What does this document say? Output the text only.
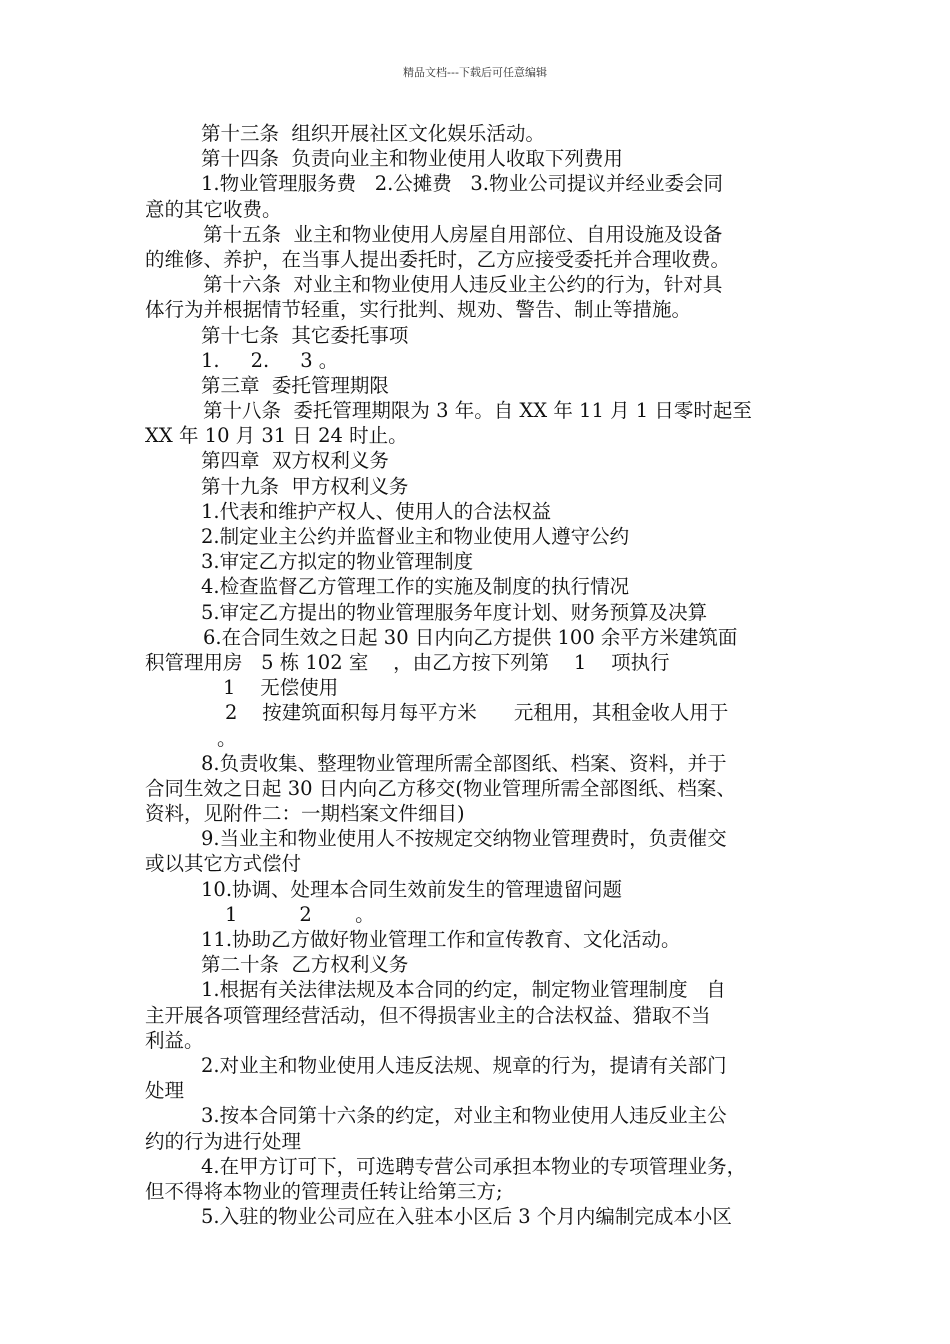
精品文档---下载后可任意编辑
第十三条  组织开展社区文化娱乐活动。
第十四条  负责向业主和物业使用人收取下列费用
1.物业管理服务费   2.公摊费   3.物业公司提议并经业委会同
意的其它收费。
第十五条  业主和物业使用人房屋自用部位、自用设施及设备
的维修、养护，在当事人提出委托时，乙方应接受委托并合理收费。
第十六条  对业主和物业使用人违反业主公约的行为，针对具
体行为并根据情节轻重，实行批判、规劝、警告、制止等措施。
第十七条  其它委托事项
1.     2.     3 。
第三章  委托管理期限
第十八条  委托管理期限为 3 年。自 XX 年 11 月 1 日零时起至
XX 年 10 月 31 日 24 时止。
第四章  双方权利义务
第十九条  甲方权利义务
1.代表和维护产权人、使用人的合法权益
2.制定业主公约并监督业主和物业使用人遵守公约
3.审定乙方拟定的物业管理制度
4.检查监督乙方管理工作的实施及制度的执行情况
5.审定乙方提出的物业管理服务年度计划、财务预算及决算
6.在合同生效之日起 30 日内向乙方提供 100 余平方米建筑面
积管理用房   5 栋 102 室    ，由乙方按下列第    1    项执行
1    无偿使用
2    按建筑面积每月每平方米      元租用，其租金收人用于
。
8.负责收集、整理物业管理所需全部图纸、档案、资料，并于
合同生效之日起 30 日内向乙方移交(物业管理所需全部图纸、档案、
资料，见附件二：一期档案文件细目)
9.当业主和物业使用人不按规定交纳物业管理费时，负责催交
或以其它方式偿付
10.协调、处理本合同生效前发生的管理遗留问题
1          2       。
11.协助乙方做好物业管理工作和宣传教育、文化活动。
第二十条  乙方权利义务
1.根据有关法律法规及本合同的约定，制定物业管理制度   自
主开展各项管理经营活动，但不得损害业主的合法权益、猎取不当
利益。
2.对业主和物业使用人违反法规、规章的行为，提请有关部门
处理
3.按本合同第十六条的约定，对业主和物业使用人违反业主公
约的行为进行处理
4.在甲方订可下，可选聘专营公司承担本物业的专项管理业务，
但不得将本物业的管理责任转让给第三方;
5.入驻的物业公司应在入驻本小区后 3 个月内编制完成本小区
